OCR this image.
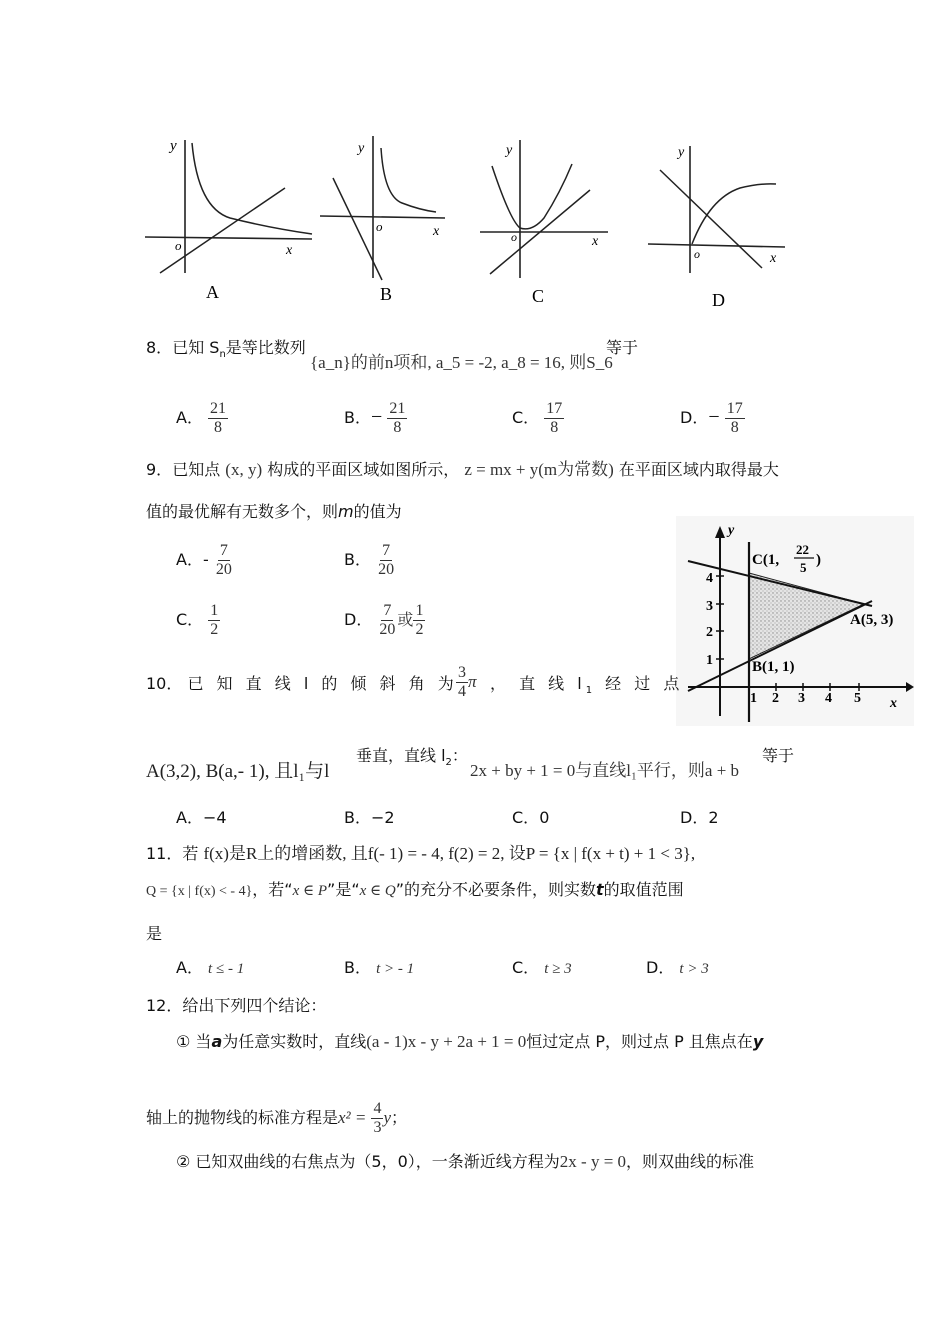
y
o	x
A
y
o	x
B
y
o	x
C
y
o	x
D
8．已知 $S_n$是等比数列
{a_n}的前n项和, a_5 = -2, a_8 = 16, 则S_6
等于
A． $\frac{21}{8}$	B．− $\frac{21}{8}$	C． $\frac{17}{8}$	D．− $\frac{17}{8}$
9．已知点 (x, y) 构成的平面区域如图所示， z = mx + y(m为常数) 在平面区域内取得最大
值的最优解有无数多个，则m的值为
A．- $\frac{7}{20}$	B． $\frac{7}{20}$
C． $\frac{1}{2}$	D． $\frac{7}{20}$ 或 $\frac{1}{2}$
1 2 3 4 5
1
2
3
4
y
x
C(1,
22
5 )
A(5, 3)
B(1, 1)
10． 已 知 直 线 l 的 倾 斜 角 为
$\frac{3}{4}$ π ， 直 线 $l_1$ 经 过 点
A(3,2), B(a,- 1), 且l₁与l
垂直，直线 $l_2$：
2x + by + 1 = 0与直线l₁平行，则a + b
等于
A．−4	B．−2	C．0	D．2
11．若 f(x)是R上的增函数, 且f(- 1) = - 4, f(2) = 2, 设P = {x | f(x + t) + 1 < 3},
Q = {x | f(x) < - 4}，若“x ∈ P”是“x ∈ Q”的充分不必要条件，则实数t的取值范围
是
A． t ≤ - 1	B． t > - 1	C． t ≥ 3	D． t > 3
12．给出下列四个结论：
① 当a为任意实数时，直线(a - 1)x - y + 2a + 1 = 0恒过定点 P，则过点 P 且焦点在y
轴上的抛物线的标准方程是$x^2 = \frac{4}{3}$ y；
② 已知双曲线的右焦点为（5，0），一条渐近线方程为2x - y = 0，则双曲线的标准
